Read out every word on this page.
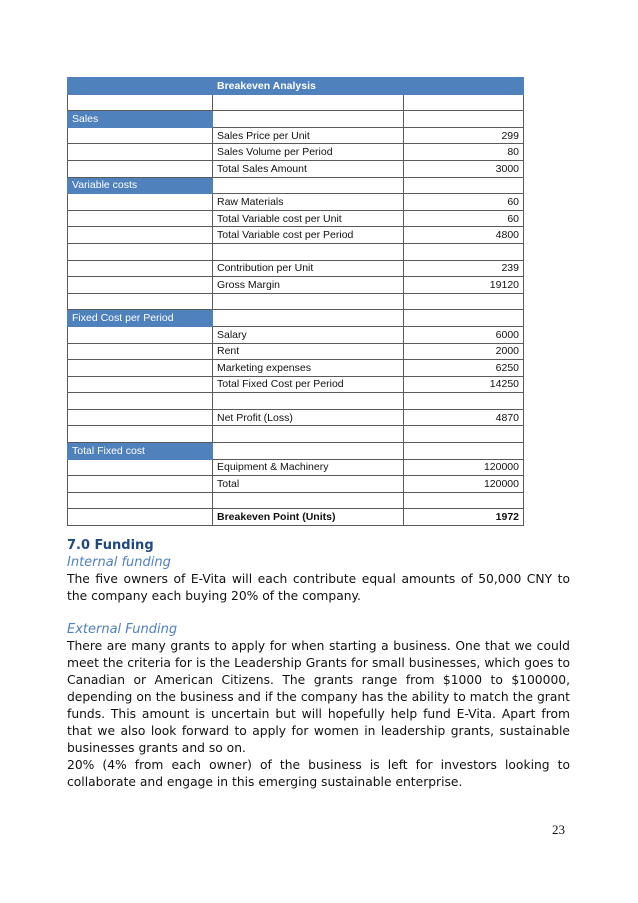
	Breakeven Analysis	

Sales		
	Sales Price per Unit	299
	Sales Volume per Period	80
	Total Sales Amount	3000
Variable costs		
	Raw Materials	60
	Total Variable cost per Unit	60
	Total Variable cost per Period	4800

	Contribution per Unit	239
	Gross Margin	19120

Fixed Cost per Period		
	Salary	6000
	Rent	2000
	Marketing expenses	6250
	Total Fixed Cost per Period	14250

	Net Profit (Loss)	4870

Total Fixed cost		
	Equipment & Machinery	120000
	Total	120000

	Breakeven Point (Units)	1972
7.0 Funding
Internal funding

The five owners of E-Vita will each contribute equal amounts of 50,000 CNY to the company each buying 20% of the company.

External Funding

There are many grants to apply for when starting a business. One that we could meet the criteria for is the Leadership Grants for small businesses, which goes to Canadian or American Citizens. The grants range from $1000 to $100000, depending on the business and if the company has the ability to match the grant funds. This amount is uncertain but will hopefully help fund E-Vita. Apart from that we also look forward to apply for women in leadership grants, sustainable businesses grants and so on.

20% (4% from each owner) of the business is left for investors looking to collaborate and engage in this emerging sustainable enterprise.

23
